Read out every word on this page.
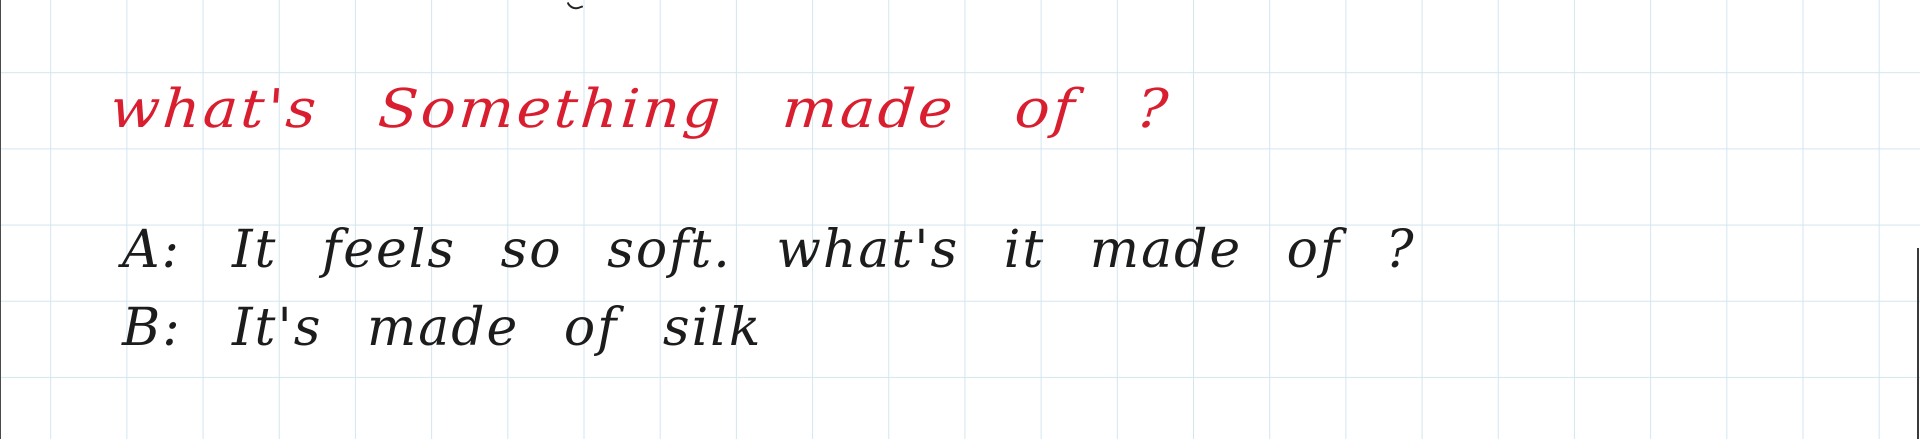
what's Something made of ?
A: It feels so soft. what's it made of ?
B: It's made of silk
